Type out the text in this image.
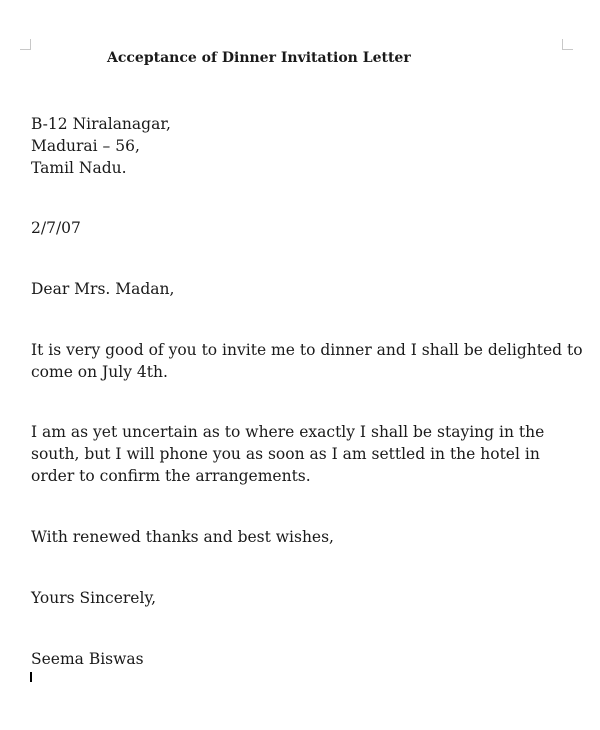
Acceptance of Dinner Invitation Letter

B-12 Niralanagar,
Madurai – 56,
Tamil Nadu.

2/7/07

Dear Mrs. Madan,

It is very good of you to invite me to dinner and I shall be delighted to
come on July 4th.

I am as yet uncertain as to where exactly I shall be staying in the
south, but I will phone you as soon as I am settled in the hotel in
order to confirm the arrangements.

With renewed thanks and best wishes,

Yours Sincerely,

Seema Biswas
